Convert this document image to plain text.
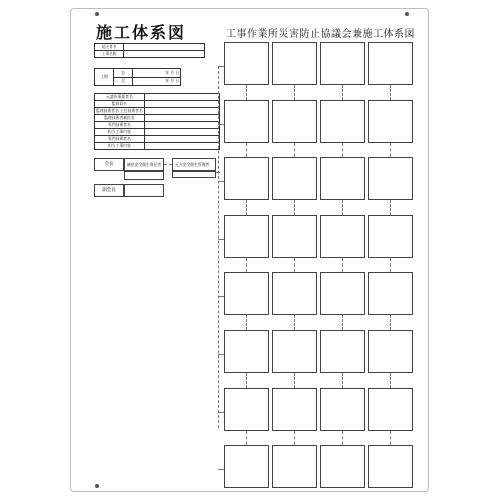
施工体系図	工事作業所災害防止協議会兼施工体系図
発注者名	
工事名称	
工期	自	年 月 日
	至	年 月 日
元請負事業者名	
監督員名	
監理技術者名 主任技術者名	
監理技術者補佐名	
専門技術者名	
担当工事内容	
専門技術者名	
担当工事内容	
会長	統括安全衛生責任者	元方安全衛生管理者
副会長
